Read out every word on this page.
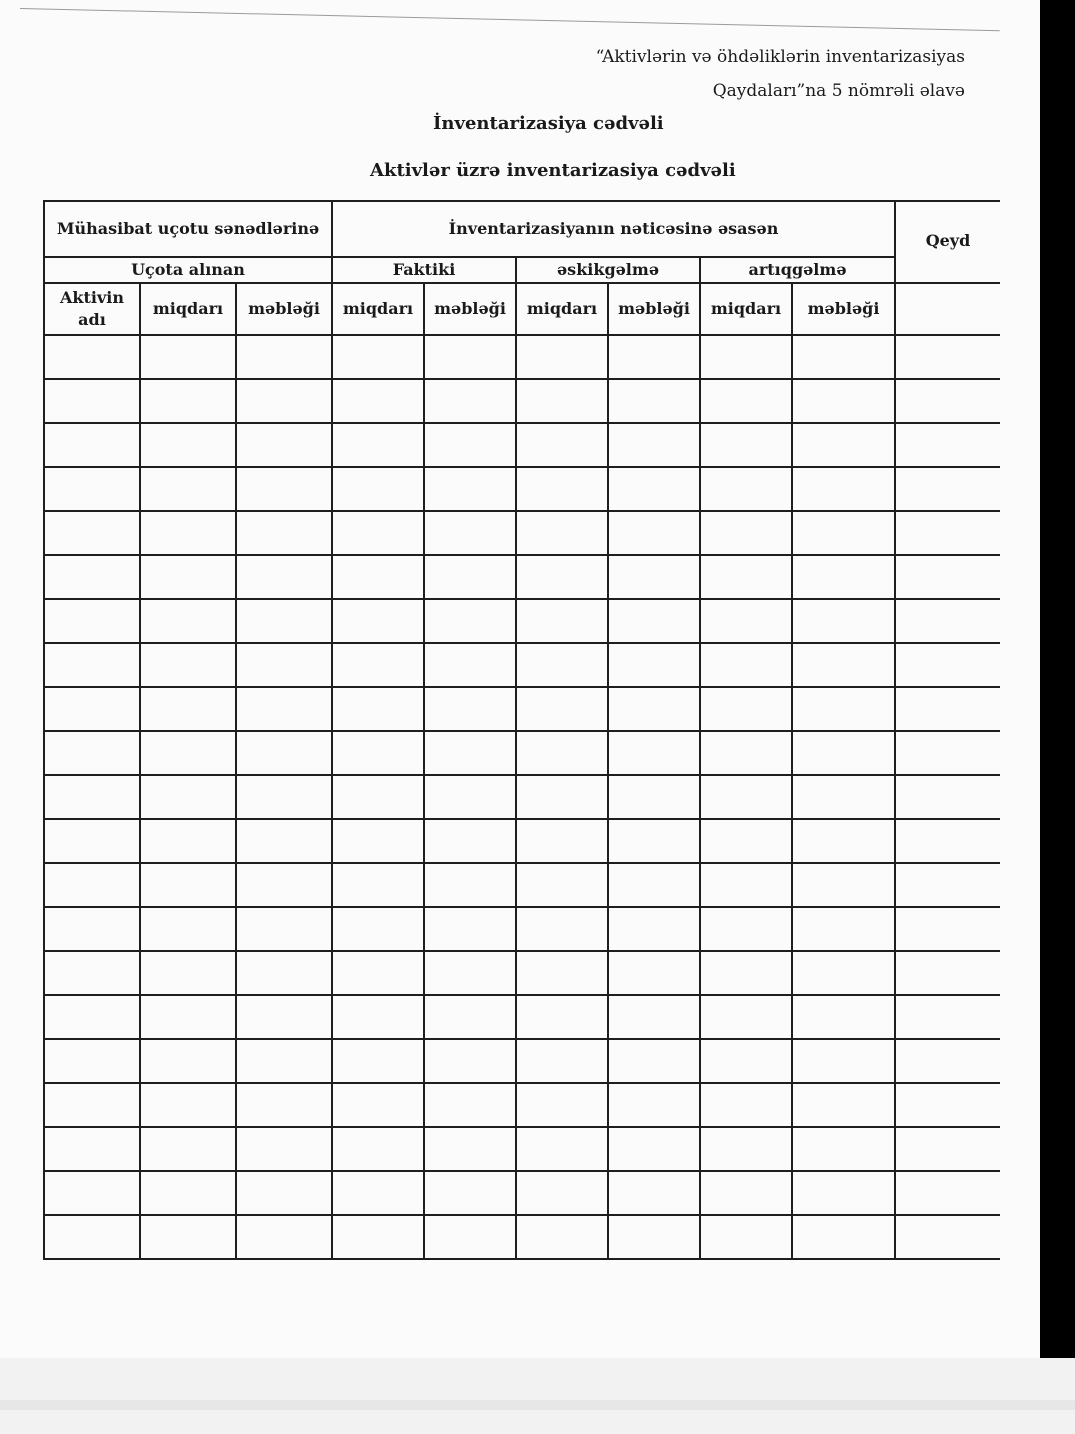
“Aktivlərin və öhdəliklərin inventarizasiyas
Qaydaları”na 5 nömrəli əlavə
İnventarizasiya cədvəli
Aktivlər üzrə inventarizasiya cədvəli
Mühasibat uçotu sənədlərinə			İnventarizasiyanın nəticəsinə əsasən						Qeyd
Uçota alınan			Faktiki		əskikgəlmə		artıqgəlmə		
Aktivin adı	miqdarı	məbləği	miqdarı	məbləği	miqdarı	məbləği	miqdarı	məbləği	
